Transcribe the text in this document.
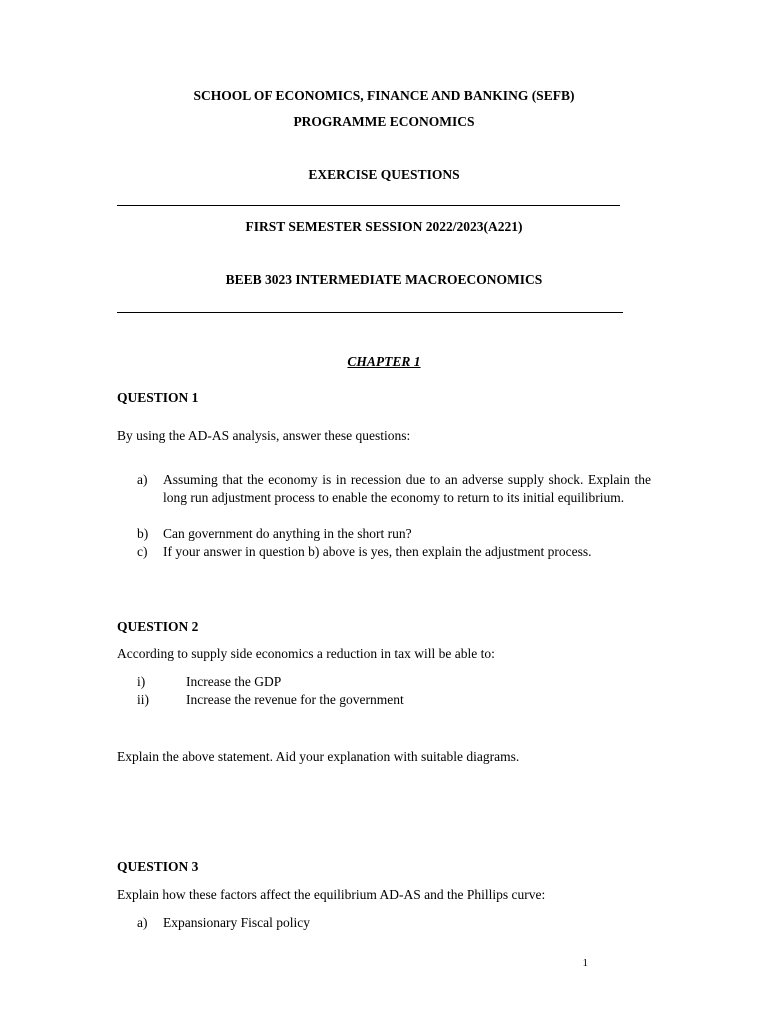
SCHOOL OF ECONOMICS, FINANCE AND BANKING (SEFB)
PROGRAMME ECONOMICS
EXERCISE QUESTIONS
FIRST SEMESTER SESSION 2022/2023(A221)
BEEB 3023 INTERMEDIATE MACROECONOMICS
CHAPTER 1
QUESTION 1
By using the AD-AS analysis, answer these questions:
a) Assuming that the economy is in recession due to an adverse supply shock. Explain the long run adjustment process to enable the economy to return to its initial equilibrium.
b) Can government do anything in the short run?
c) If your answer in question b) above is yes, then explain the adjustment process.
QUESTION 2
According to supply side economics a reduction in tax will be able to:
i)	Increase the GDP
ii)	Increase the revenue for the government
Explain the above statement. Aid your explanation with suitable diagrams.
QUESTION 3
Explain how these factors affect the equilibrium AD-AS and the Phillips curve:
a) Expansionary Fiscal policy
1
